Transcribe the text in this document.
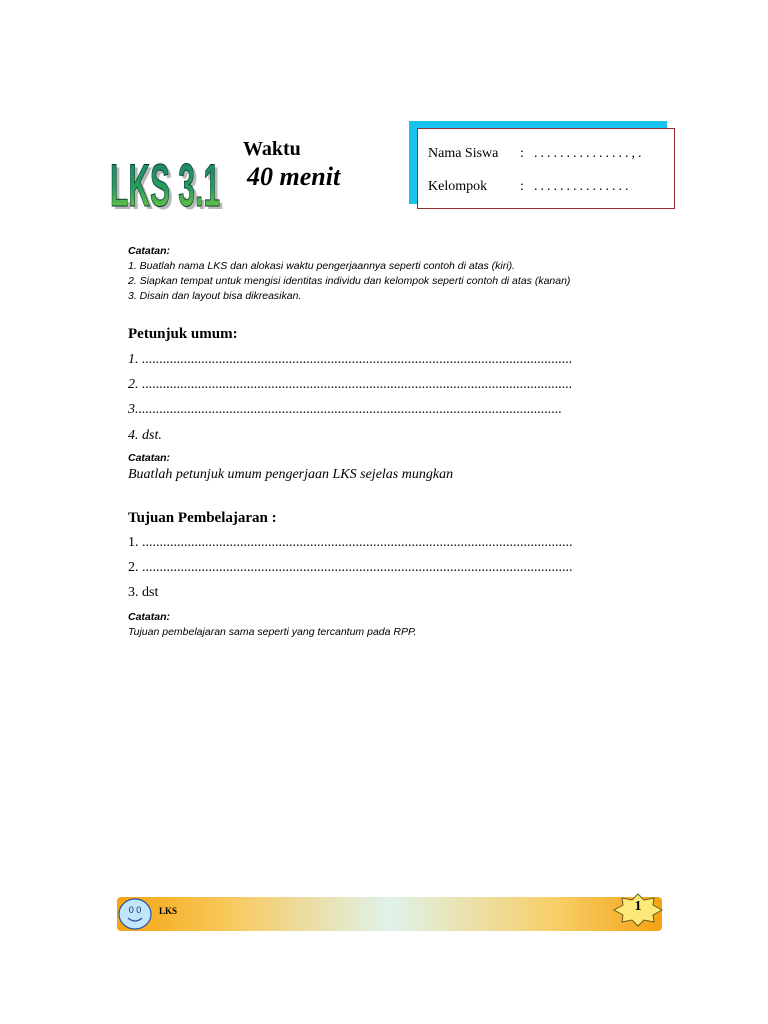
LKS 3.1
LKS 3.1
Waktu
40 menit
Nama Siswa : ...............,.
Kelompok : ...............
Catatan:
1. Buatlah nama LKS dan alokasi waktu pengerjaannya seperti contoh di atas (kiri).
2. Siapkan tempat untuk mengisi identitas individu dan kelompok seperti contoh di atas (kanan)
3. Disain dan layout bisa dikreasikan.
Petunjuk umum:
1. ...........................................................................................................................
2. ...........................................................................................................................
3..........................................................................................................................
4. dst.
Catatan:
Buatlah petunjuk umum pengerjaan LKS sejelas mungkan
Tujuan Pembelajaran :
1. ...........................................................................................................................
2. ...........................................................................................................................
3. dst
Catatan:
Tujuan pembelajaran sama seperti yang tercantum pada RPP.
0 0 LKS	1
